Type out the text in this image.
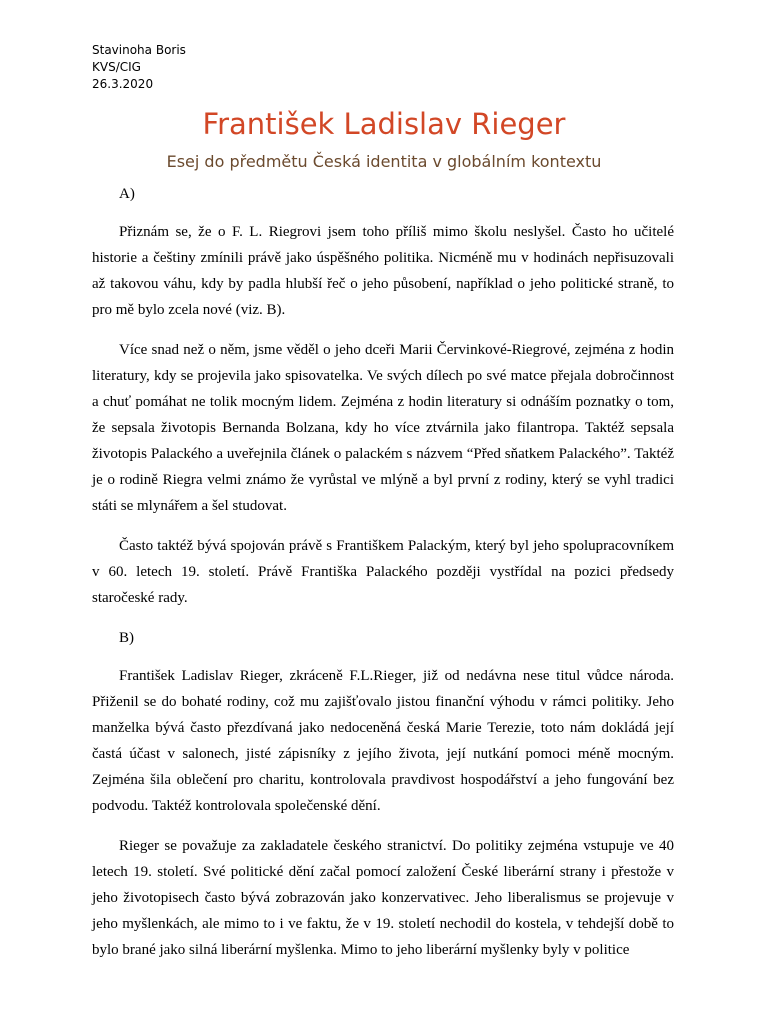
Stavinoha Boris
KVS/CIG
26.3.2020
František Ladislav Rieger
Esej do předmětu Česká identita v globálním kontextu

A)

Přiznám se, že o F. L. Riegrovi jsem toho příliš mimo školu neslyšel. Často ho učitelé historie a češtiny zmínili právě jako úspěšného politika. Nicméně mu v hodinách nepřisuzovali až takovou váhu, kdy by padla hlubší řeč o jeho působení, například o jeho politické straně, to pro mě bylo zcela nové (viz. B).

Více snad než o něm, jsme věděl o jeho dceři Marii Červinkové-Riegrové, zejména z hodin literatury, kdy se projevila jako spisovatelka. Ve svých dílech po své matce přejala dobročinnost a chuť pomáhat ne tolik mocným lidem. Zejména z hodin literatury si odnáším poznatky o tom, že sepsala životopis Bernanda Bolzana, kdy ho více ztvárnila jako filantropa. Taktéž sepsala životopis Palackého a uveřejnila článek o palackém s názvem “Před sňatkem Palackého”. Taktéž je o rodině Riegra velmi známo že vyrůstal ve mlýně a byl první z rodiny, který se vyhl tradici státi se mlynářem a šel studovat.

Často taktéž bývá spojován právě s Františkem Palackým, který byl jeho spolupracovníkem v 60. letech 19. století. Právě Františka Palackého později vystřídal na pozici předsedy staročeské rady.

B)

František Ladislav Rieger, zkráceně F.L.Rieger, již od nedávna nese titul vůdce národa. Přiženil se do bohaté rodiny, což mu zajišťovalo jistou finanční výhodu v rámci politiky. Jeho manželka bývá často přezdívaná jako nedoceněná česká Marie Terezie, toto nám dokládá její častá účast v salonech, jisté zápisníky z jejího života, její nutkání pomoci méně mocným. Zejména šila oblečení pro charitu, kontrolovala pravdivost hospodářství a jeho fungování bez podvodu. Taktéž kontrolovala společenské dění.

Rieger se považuje za zakladatele českého stranictví. Do politiky zejména vstupuje ve 40 letech 19. století. Své politické dění začal pomocí založení České liberární strany i přestože v jeho životopisech často bývá zobrazován jako konzervativec. Jeho liberalismus se projevuje v jeho myšlenkách, ale mimo to i ve faktu, že v 19. století nechodil do kostela, v tehdejší době to bylo brané jako silná liberární myšlenka. Mimo to jeho liberární myšlenky byly v politice
